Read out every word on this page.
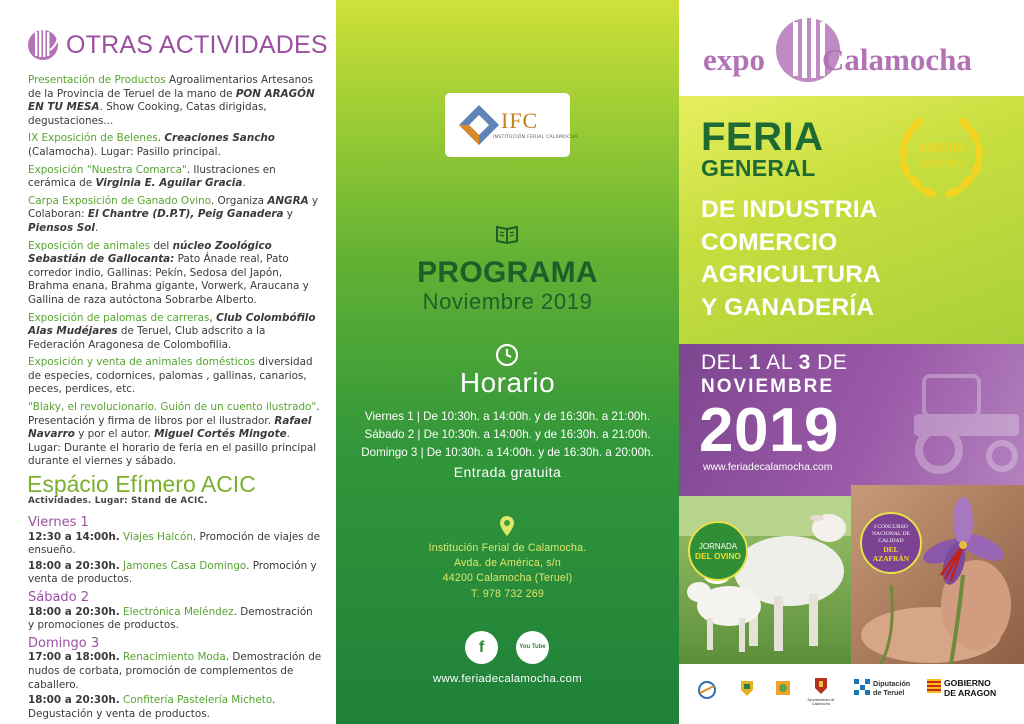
OTRAS ACTIVIDADES
Presentación de Productos Agroalimentarios Artesanos de la Provincia de Teruel de la mano de PON ARAGÓN EN TU MESA. Show Cooking, Catas dirigidas, degustaciones...
IX Exposición de Belenes. Creaciones Sancho (Calamocha). Lugar: Pasillo principal.
Exposición "Nuestra Comarca". Ilustraciones en cerámica de Virginia E. Aguilar Gracia.
Carpa Exposición de Ganado Ovino. Organiza ANGRA y Colaboran: El Chantre (D.P.T), Peig Ganadera y Piensos Sol.
Exposición de animales del núcleo Zoológico Sebastián de Gallocanta: Pato Ánade real, Pato corredor indio, Gallinas: Pekín, Sedosa del Japón, Brahma enana, Brahma gigante, Vorwerk, Araucana y Gallina de raza autóctona Sobrarbe Alberto.
Exposición de palomas de carreras, Club Colombófilo Alas Mudéjares de Teruel, Club adscrito a la Federación Aragonesa de Colombofilia.
Exposición y venta de animales domésticos diversidad de especies, codornices, palomas , gallinas, canarios, peces, perdices, etc.
"Blaky, el revolucionario. Guión de un cuento ilustrado". Presentación y firma de libros por el ilustrador. Rafael Navarro y por el autor. Miguel Cortés Mingote. Lugar: Durante el horario de feria en el pasillo principal durante el viernes y sábado.
Espácio Efímero ACIC
Actividades. Lugar: Stand de ACIC.
Viernes 1
12:30 a 14:00h. Viajes Halcón. Promoción de viajes de ensueño.
18:00 a 20:30h. Jamones Casa Domingo. Promoción y venta de productos.
Sábado 2
18:00 a 20:30h. Electrónica Meléndez. Demostración y promociones de productos.
Domingo 3
17:00 a 18:00h. Renacimiento Moda. Demostración de nudos de corbata, promoción de complementos de caballero.
18:00 a 20:30h. Confitería Pastelería Micheto. Degustación y venta de productos.
IFC
INSTITUCIÓN FERIAL CALAMOCHA
PROGRAMA
Noviembre 2019
Horario
Viernes 1 | De 10:30h. a 14:00h. y de 16:30h. a 21:00h.
Sábado 2 | De 10:30h. a 14:00h. y de 16:30h. a 21:00h.
Domingo 3 | De 10:30h. a 14:00h. y de 16:30h. a 20:00h.
Entrada gratuita
Institución Ferial de Calamocha.
Avda. de América, s/n
44200 Calamocha (Teruel)
T. 978 732 269
f	You Tube
www.feriadecalamocha.com
expo Calamocha
FERIA
GENERAL
DE INDUSTRIA
COMERCIO
AGRICULTURA
Y GANADERÍA
XXXVIII
edición
DEL 1 AL 3 DE
NOVIEMBRE
2019
www.feriadecalamocha.com
JORNADA
DEL OVINO
I CONCURSO
NACIONAL DE
CALIDAD
DEL
AZAFRÁN
Ayuntamiento de Calamocha
Diputación
de Teruel
GOBIERNO
DE ARAGON
